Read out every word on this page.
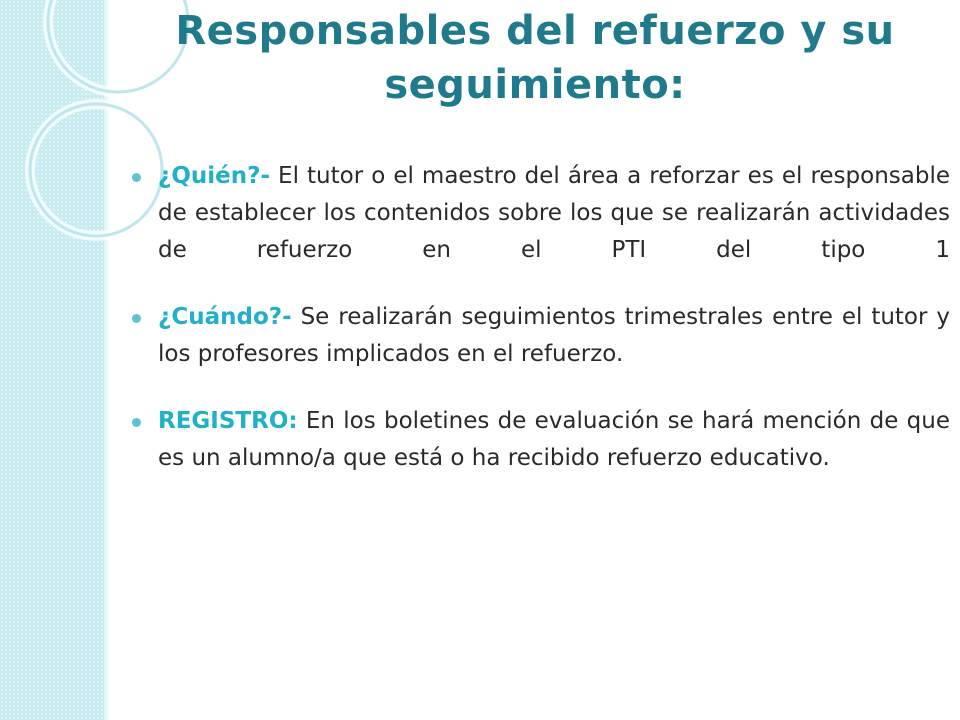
Responsables del refuerzo y su seguimiento:
¿Quién?- El tutor o el maestro del área a reforzar es el responsable de establecer los contenidos sobre los que se realizarán actividades de refuerzo en el PTI del tipo 1
¿Cuándo?- Se realizarán seguimientos trimestrales entre el tutor y los profesores implicados en el refuerzo.
REGISTRO: En los boletines de evaluación se hará mención de que es un alumno/a que está o ha recibido refuerzo educativo.
